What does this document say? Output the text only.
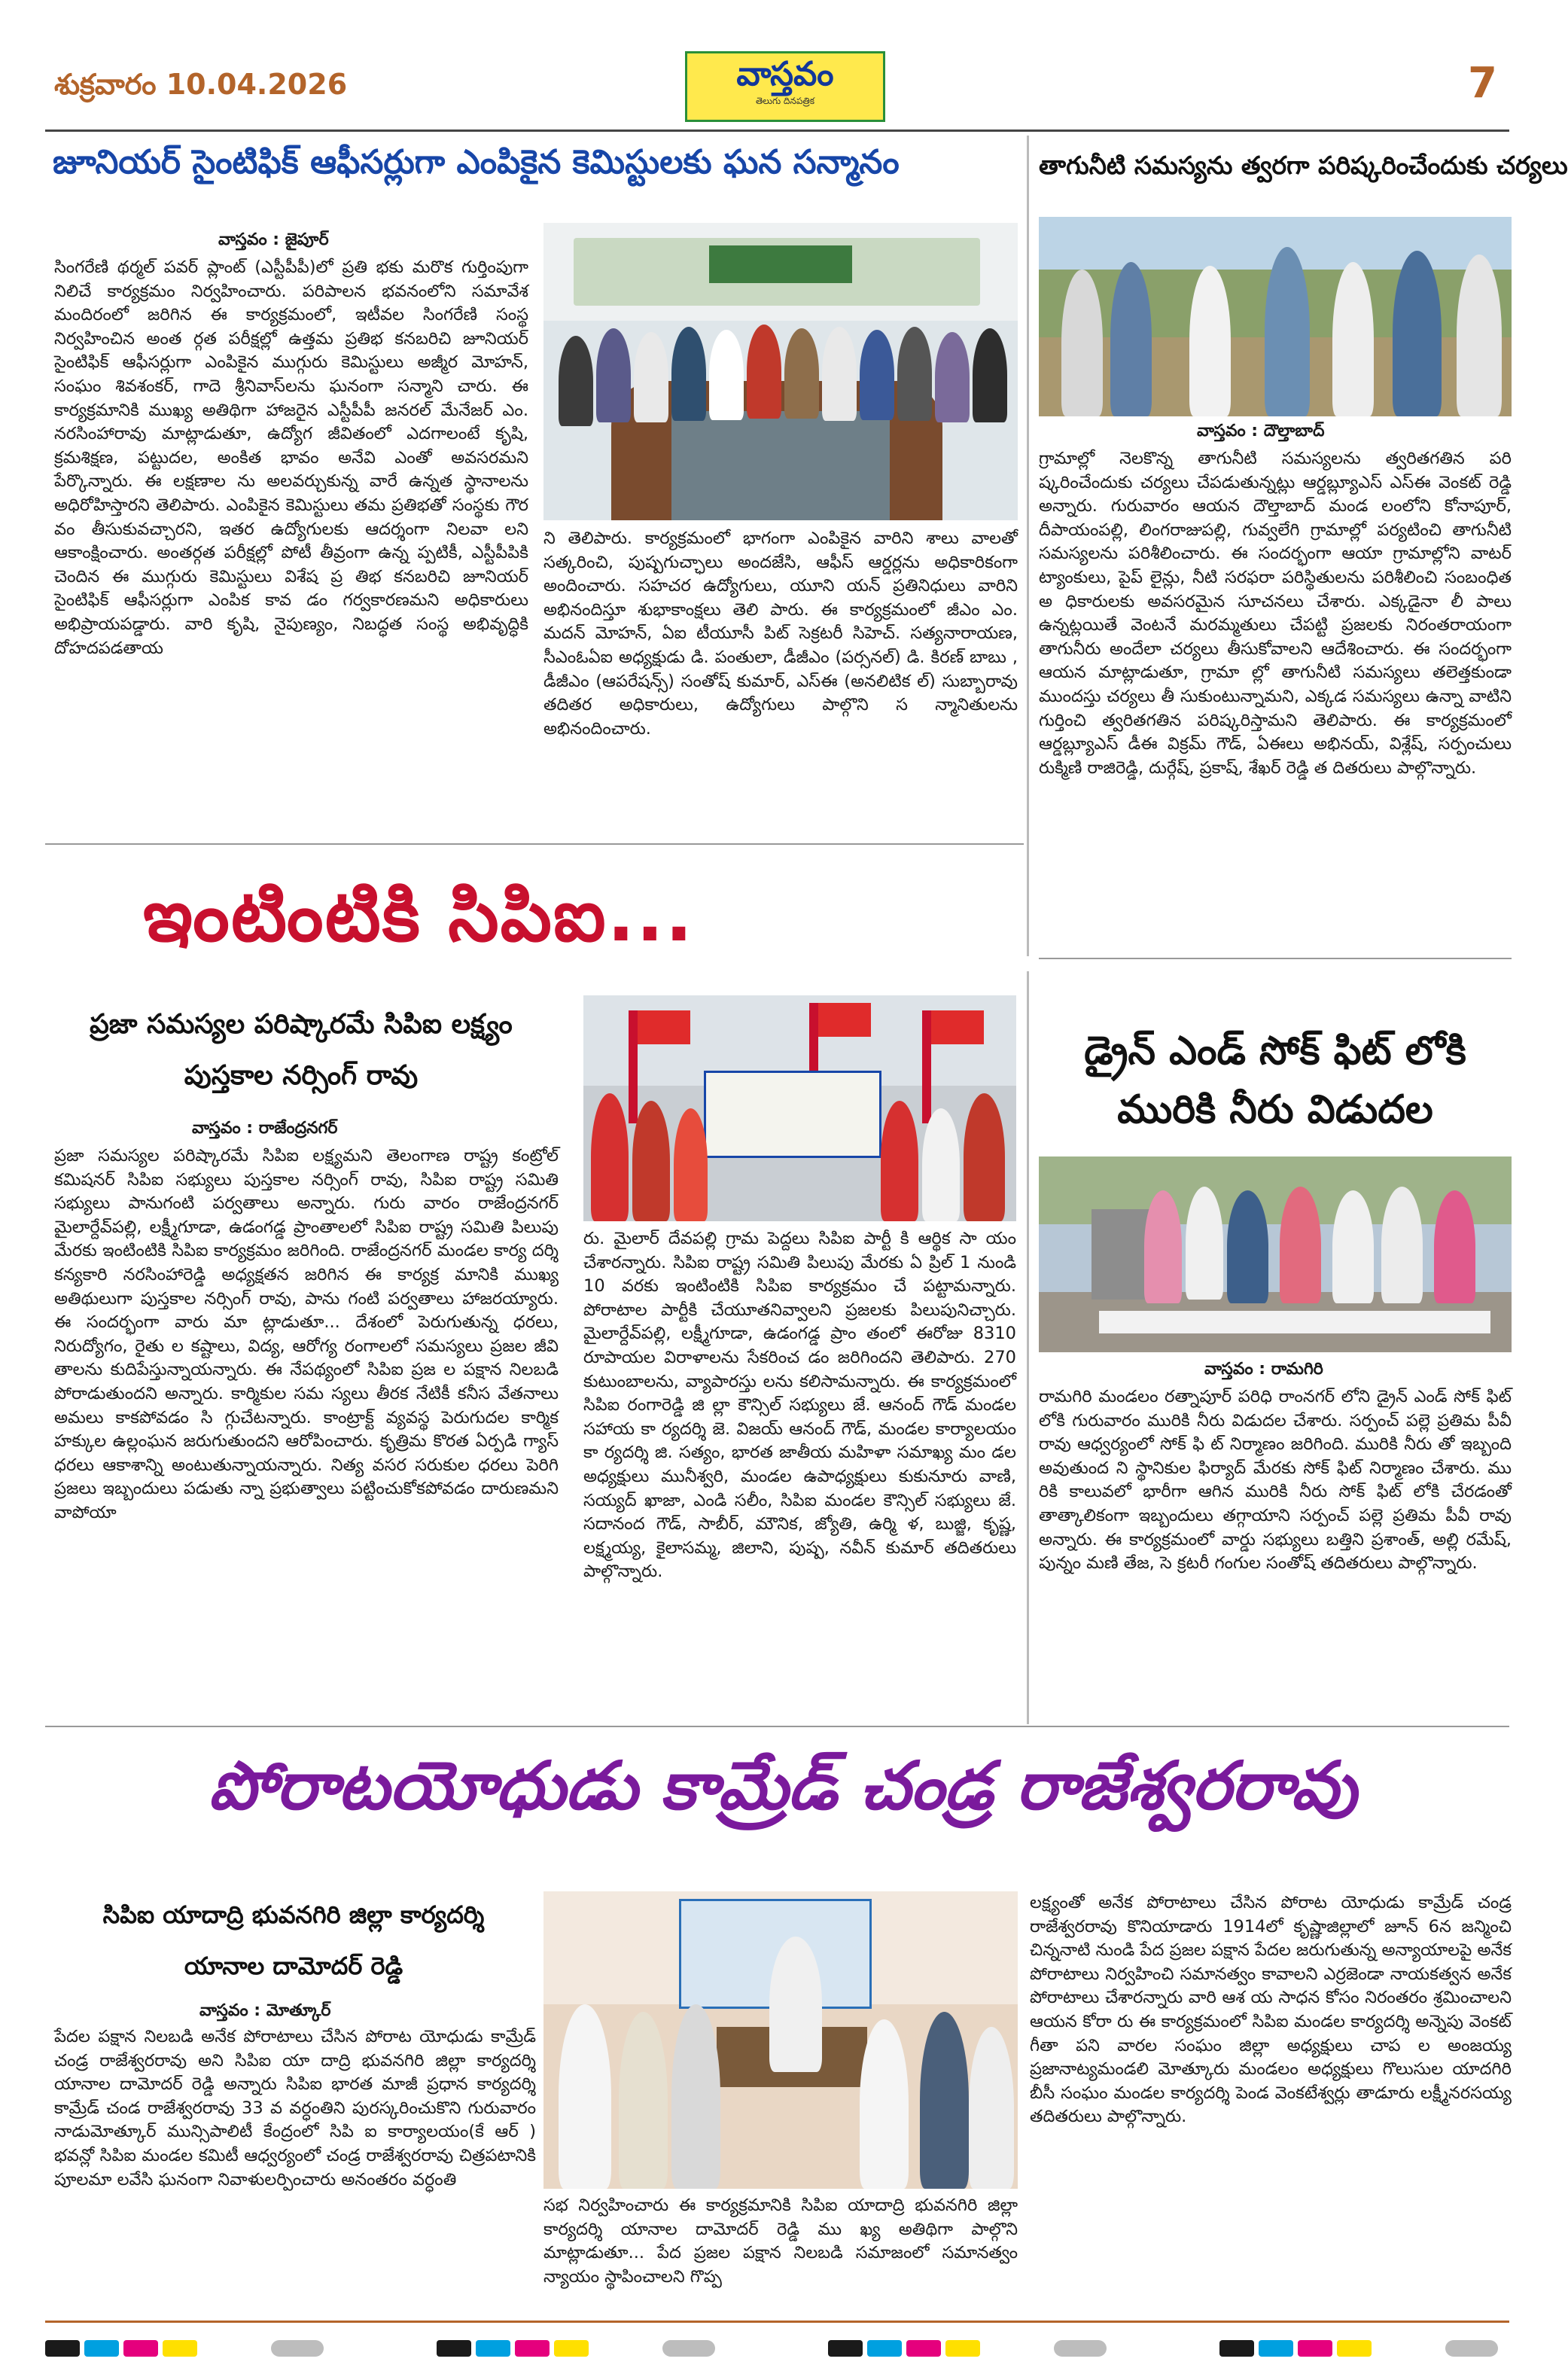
శుక్రవారం 10.04.2026	వాస్తవం
తెలుగు దినపత్రిక	7
జూనియర్ సైంటిఫిక్ ఆఫీసర్లుగా ఎంపికైన కెమిస్టులకు ఘన సన్మానం
వాస్తవం : జైపూర్
సింగరేణి థర్మల్ పవర్ ప్లాంట్ (ఎస్టీపీపీ)లో ప్రతి భకు మరొక గుర్తింపుగా నిలిచే కార్యక్రమం నిర్వహించారు. పరిపాలన భవనంలోని సమావేశ మందిరంలో జరిగిన ఈ కార్యక్రమంలో, ఇటీవల సింగరేణి సంస్థ నిర్వహించిన అంత ర్గత పరీక్షల్లో ఉత్తమ ప్రతిభ కనబరిచి జూనియర్ సైంటిఫిక్ ఆఫీసర్లుగా ఎంపికైన ముగ్గురు కెమిస్టులు అజ్మీర మోహన్, సంఘం శివశంకర్, గాదె శ్రీనివాస్‌లను ఘనంగా సన్మాని చారు. ఈ కార్యక్రమానికి ముఖ్య అతిథిగా హాజరైన ఎస్టీపీపీ జనరల్ మేనేజర్ ఎం. నరసింహారావు మాట్లాడుతూ, ఉద్యోగ జీవితంలో ఎదగాలంటే కృషి, క్రమశిక్షణ, పట్టుదల, అంకిత భావం అనేవి ఎంతో అవసరమని పేర్కొన్నారు. ఈ లక్షణాల ను అలవర్చుకున్న వారే ఉన్నత స్థానాలను అధిరోహిస్తారని తెలిపారు. ఎంపికైన కెమిస్టులు తమ ప్రతిభతో సంస్థకు గౌర వం తీసుకువచ్చారని, ఇతర ఉద్యోగులకు ఆదర్శంగా నిలవా లని ఆకాంక్షించారు. అంతర్గత పరీక్షల్లో పోటీ తీవ్రంగా ఉన్న ప్పటికీ, ఎస్టీపీపికి చెందిన ఈ ముగ్గురు కెమిస్టులు విశేష ప్ర తిభ కనబరిచి జూనియర్ సైంటిఫిక్ ఆఫీసర్లుగా ఎంపిక కావ డం గర్వకారణమని అధికారులు అభిప్రాయపడ్డారు. వారి కృషి, నైపుణ్యం, నిబద్ధత సంస్థ అభివృద్ధికి దోహదపడతాయ
ని తెలిపారు. కార్యక్రమంలో భాగంగా ఎంపికైన వారిని శాలు వాలతో సత్కరించి, పుష్పగుచ్ఛాలు అందజేసి, ఆఫీస్ ఆర్డర్లను అధికారికంగా అందించారు. సహచర ఉద్యోగులు, యూని యన్ ప్రతినిధులు వారిని అభినందిస్తూ శుభాకాంక్షలు తెలి పారు. ఈ కార్యక్రమంలో జీఎం ఎం. మదన్ మోహన్, ఏఐ టీయూసీ పిట్ సెక్రటరీ సిహెచ్. సత్యనారాయణ, సీఎంఓఏఐ అధ్యక్షుడు డి. పంతులా, డీజీఎం (పర్సనల్) డి. కిరణ్ బాబు , డీజీఎం (ఆపరేషన్స్) సంతోష్ కుమార్, ఎస్ఈ (అనలిటిక ల్) సుబ్బారావు తదితర అధికారులు, ఉద్యోగులు పాల్గొని స న్మానితులను అభినందించారు.
తాగునీటి సమస్యను త్వరగా పరిష్కరించేందుకు చర్యలు
వాస్తవం : దౌల్తాబాద్
గ్రామాల్లో నెలకొన్న తాగునీటి సమస్యలను త్వరితగతిన పరి ష్కరించేందుకు చర్యలు చేపడుతున్నట్లు ఆర్డబ్ల్యూఎస్ ఎస్ఈ వెంకట్ రెడ్డి అన్నారు. గురువారం ఆయన దౌల్తాబాద్ మండ లంలోని కోనాపూర్, దీపాయంపల్లి, లింగరాజుపల్లి, గువ్వలేగి గ్రామాల్లో పర్యటించి తాగునీటి సమస్యలను పరిశీలించారు. ఈ సందర్భంగా ఆయా గ్రామాల్లోని వాటర్ ట్యాంకులు, పైప్ లైన్లు, నీటి సరఫరా పరిస్థితులను పరిశీలించి సంబంధిత అ ధికారులకు అవసరమైన సూచనలు చేశారు. ఎక్కడైనా లీ పాలు ఉన్నట్లయితే వెంటనే మరమ్మతులు చేపట్టి ప్రజలకు నిరంతరాయంగా తాగునీరు అందేలా చర్యలు తీసుకోవాలని ఆదేశించారు. ఈ సందర్భంగా ఆయన మాట్లాడుతూ, గ్రామా ల్లో తాగునీటి సమస్యలు తలెత్తకుండా ముందస్తు చర్యలు తీ సుకుంటున్నామని, ఎక్కడ సమస్యలు ఉన్నా వాటిని గుర్తించి త్వరితగతిన పరిష్కరిస్తామని తెలిపారు. ఈ కార్యక్రమంలో ఆర్డబ్ల్యూఎస్ డీఈ విక్రమ్ గౌడ్, ఏఈలు అభినయ్, విశ్లేష్, సర్పంచులు రుక్మిణి రాజిరెడ్డి, దుర్గేష్, ప్రకాష్, శేఖర్ రెడ్డి త దితరులు పాల్గొన్నారు.
ఇంటింటికి సిపిఐ...
ప్రజా సమస్యల పరిష్కారమే సిపిఐ లక్ష్యం
పుస్తకాల నర్సింగ్ రావు
వాస్తవం : రాజేంద్రనగర్
ప్రజా సమస్యల పరిష్కారమే సిపిఐ లక్ష్యమని తెలంగాణ రాష్ట్ర కంట్రోల్ కమిషనర్ సిపిఐ సభ్యులు పుస్తకాల నర్సింగ్ రావు, సిపిఐ రాష్ట్ర సమితి సభ్యులు పానుగంటి పర్వతాలు అన్నారు. గురు వారం రాజేంద్రనగర్ మైలార్దేవ్‌పల్లి, లక్ష్మీగూడా, ఉడంగడ్డ ప్రాంతాలలో సిపిఐ రాష్ట్ర సమితి పిలుపు మేరకు ఇంటింటికి సిపిఐ కార్యక్రమం జరిగింది. రాజేంద్రనగర్ మండల కార్య దర్శి కన్యకారి నరసింహారెడ్డి అధ్యక్షతన జరిగిన ఈ కార్యక్ర మానికి ముఖ్య అతిథులుగా పుస్తకాల నర్సింగ్ రావు, పాను గంటి పర్వతాలు హాజరయ్యారు. ఈ సందర్భంగా వారు మా ట్లాడుతూ... దేశంలో పెరుగుతున్న ధరలు, నిరుద్యోగం, రైతు ల కష్టాలు, విద్య, ఆరోగ్య రంగాలలో సమస్యలు ప్రజల జీవి తాలను కుదిపేస్తున్నాయన్నారు. ఈ నేపథ్యంలో సిపిఐ ప్రజ ల పక్షాన నిలబడి పోరాడుతుందని అన్నారు. కార్మికుల సమ స్యలు తీరక నేటికీ కనీస వేతనాలు అమలు కాకపోవడం సి గ్గుచేటన్నారు. కాంట్రాక్ట్ వ్యవస్థ పెరుగుదల కార్మిక హక్కుల ఉల్లంఘన జరుగుతుందని ఆరోపించారు. కృత్రిమ కొరత ఏర్పడి గ్యాస్ ధరలు ఆకాశాన్ని అంటుతున్నాయన్నారు. నిత్య వసర సరుకుల ధరలు పెరిగి ప్రజలు ఇబ్బందులు పడుతు న్నా ప్రభుత్వాలు పట్టించుకోకపోవడం దారుణమని వాపోయా
రు. మైలార్ దేవపల్లి గ్రామ పెద్దలు సిపిఐ పార్టీ కి ఆర్థిక సా యం చేశారన్నారు. సిపిఐ రాష్ట్ర సమితి పిలుపు మేరకు ఏ ప్రిల్ 1 నుండి 10 వరకు ఇంటింటికి సిపిఐ కార్యక్రమం చే పట్టామన్నారు. పోరాటాల పార్టీకి చేయూతనివ్వాలని ప్రజలకు పిలుపునిచ్చారు. మైలార్దేవ్‌పల్లి, లక్ష్మీగూడా, ఉడంగడ్డ ప్రాం తంలో ఈరోజు 8310 రూపాయల విరాళాలను సేకరించ డం జరిగిందని తెలిపారు. 270 కుటుంబాలను, వ్యాపారస్తు లను కలిసామన్నారు. ఈ కార్యక్రమంలో సిపిఐ రంగారెడ్డి జి ల్లా కౌన్సిల్ సభ్యులు జే. ఆనంద్ గౌడ్ మండల సహాయ కా ర్యదర్శి జె. విజయ్ ఆనంద్ గౌడ్, మండల కార్యాలయం కా ర్యదర్శి జి. సత్యం, భారత జాతీయ మహిళా సమాఖ్య మం డల అధ్యక్షులు మునీశ్వరి, మండల ఉపాధ్యక్షులు కుకునూరు వాణి, సయ్యద్ ఖాజా, ఎండి సలీం, సిపిఐ మండల కౌన్సిల్ సభ్యులు జే. సదానంద గౌడ్, సాబీర్, మౌనిక, జ్యోతి, ఉర్మి ళ, బుజ్జి, కృష్ణ, లక్ష్మయ్య, కైలాసమ్మ, జిలాని, పుష్ప, నవీన్ కుమార్ తదితరులు పాల్గొన్నారు.
డ్రైన్ ఎండ్ సోక్ ఫిట్ లోకి
మురికి నీరు విడుదల
వాస్తవం : రామగిరి
రామగిరి మండలం రత్నాపూర్ పరిధి రాంనగర్ లోని డ్రైన్ ఎండ్ సోక్ ఫిట్ లోకి గురువారం మురికి నీరు విడుదల చేశారు. సర్పంచ్ పల్లె ప్రతిమ పీవీ రావు ఆధ్వర్యంలో సోక్ ఫి ట్ నిర్మాణం జరిగింది. మురికి నీరు తో ఇబ్బంది అవుతుంద ని స్థానికుల ఫిర్యాద్ మేరకు సోక్ ఫిట్ నిర్మాణం చేశారు. ము రికి కాలువలో భారీగా ఆగిన మురికి నీరు సోక్ ఫిట్ లోకి చేరడంతో తాత్కాలికంగా ఇబ్బందులు తగ్గాయాని సర్పంచ్ పల్లె ప్రతిమ పీవీ రావు అన్నారు. ఈ కార్యక్రమంలో వార్డు సభ్యులు బత్తిని ప్రశాంత్, అల్లి రమేష్, పున్నం మణి తేజ, సె క్రటరీ గంగుల సంతోష్ తదితరులు పాల్గొన్నారు.
పోరాటయోధుడు కామ్రేడ్ చండ్ర రాజేశ్వరరావు
సిపిఐ యాదాద్రి భువనగిరి జిల్లా కార్యదర్శి
యానాల దామోదర్ రెడ్డి
వాస్తవం : మోత్కూర్
పేదల పక్షాన నిలబడి అనేక పోరాటాలు చేసిన పోరాట యోధుడు కామ్రేడ్ చండ్ర రాజేశ్వరరావు అని సిపిఐ యా దాద్రి భువనగిరి జిల్లా కార్యదర్శి యానాల దామోదర్ రెడ్డి అన్నారు సిపిఐ భారత మాజీ ప్రధాన కార్యదర్శి కామ్రేడ్ చండ రాజేశ్వరరావు 33 వ వర్ధంతిని పురస్కరించుకొని గురువారం నాడుమోత్కూర్ మున్సిపాలిటీ కేంద్రంలో సిపి ఐ కార్యాలయం(కే ఆర్ ) భవన్లో సిపిఐ మండల కమిటీ ఆధ్వర్యంలో చండ్ర రాజేశ్వరరావు చిత్రపటానికి పూలమా లవేసి ఘనంగా నివాళులర్పించారు అనంతరం వర్ధంతి
సభ నిర్వహించారు ఈ కార్యక్రమానికి సిపిఐ యాదాద్రి భువనగిరి జిల్లా కార్యదర్శి యానాల దామోదర్ రెడ్డి ము ఖ్య అతిథిగా పాల్గొని మాట్లాడుతూ... పేద ప్రజల పక్షాన నిలబడి సమాజంలో సమానత్వం న్యాయం స్థాపించాలని గొప్ప
లక్ష్యంతో అనేక పోరాటాలు చేసిన పోరాట యోధుడు కామ్రేడ్ చండ్ర రాజేశ్వరరావు కొనియాడారు 1914లో కృష్ణాజిల్లాలో జూన్ 6న జన్మించి చిన్ననాటి నుండి పేద ప్రజల పక్షాన పేదల జరుగుతున్న అన్యాయాలపై అనేక పోరాటాలు నిర్వహించి సమానత్వం కావాలని ఎర్రజెండా నాయకత్వన అనేక పోరాటాలు చేశారన్నారు వారి ఆశ య సాధన కోసం నిరంతరం శ్రమించాలని ఆయన కోరా రు ఈ కార్యక్రమంలో సిపిఐ మండల కార్యదర్శి అన్నెపు వెంకట్ గీతా పని వారల సంఘం జిల్లా అధ్యక్షులు చాప ల అంజయ్య ప్రజానాట్యమండలి మోత్కూరు మండలం అధ్యక్షులు గొలుసుల యాదగిరి బీసీ సంఘం మండల కార్యదర్శి పెండ వెంకటేశ్వర్లు తాడూరు లక్ష్మీనరసయ్య తదితరులు పాల్గొన్నారు.
